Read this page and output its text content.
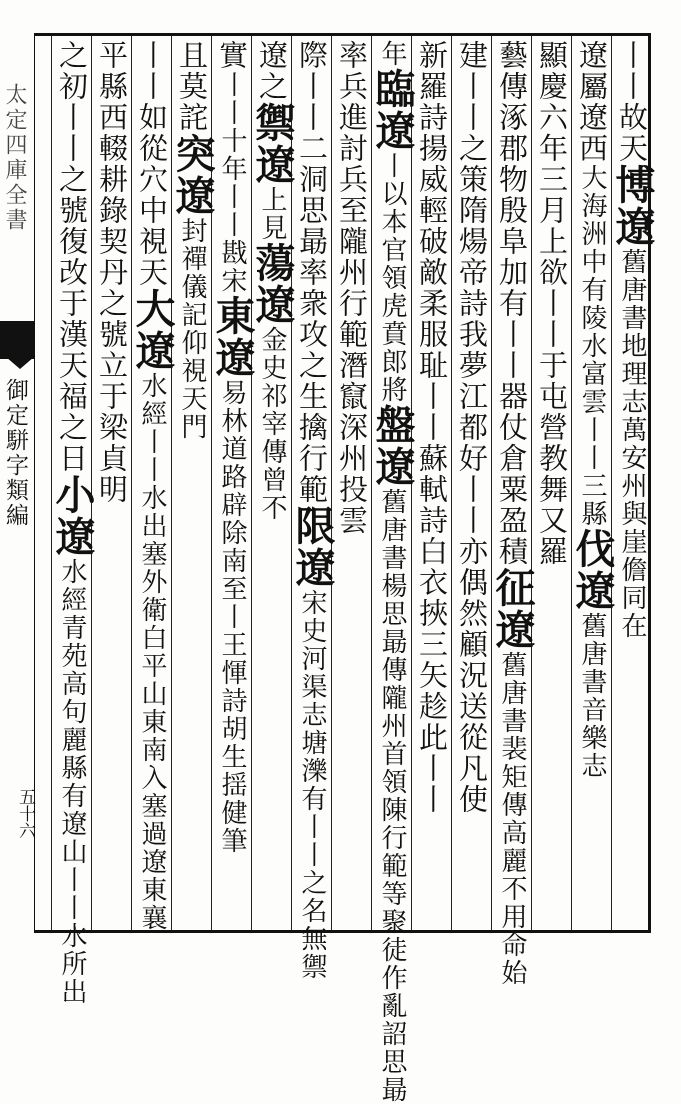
太定四庫全書
御定駢字類編
五十六
丨丨故天博遼舊唐書地理志萬安州與崖儋同在
遼屬遼西大海洲中有陵水富雲丨丨三縣伐遼舊唐書音樂志
顯慶六年三月上欲丨丨于屯營教舞又羅
藝傳涿郡物殷阜加有丨丨器仗倉粟盈積征遼舊唐書裴矩傳高麗不用命始
建丨丨之策隋煬帝詩我夢江都好丨丨亦偶然顧況送從凡使
新羅詩揚威輕破敵柔服耻丨丨蘇軾詩白衣挾三矢趁此丨丨
年臨遼丨以本官領虎賁郎將盤遼舊唐書楊思朂傳隴州首領陳行範等聚徒作亂詔思朂
率兵進討兵至隴州行範潛竄深州投雲
際丨丨二洞思朂率衆攻之生擒行範限遼宋史河渠志塘濼有丨丨之名無禦
遼之禦遼上見蕩遼金史祁宰傳曾不
實丨丨十年丨丨戡宋東遼易林道路辟除南至丨王惲詩胡生揺健筆
且莫詫突遼封禪儀記仰視天門
丨丨如從穴中視天大遼水經丨丨水出塞外衛白平山東南入塞過遼東襄
平縣西輟耕錄契丹之號立于梁貞明
之初丨丨之號復改于漢天福之日小遼水經青苑高句麗縣有遼山丨丨水所出
